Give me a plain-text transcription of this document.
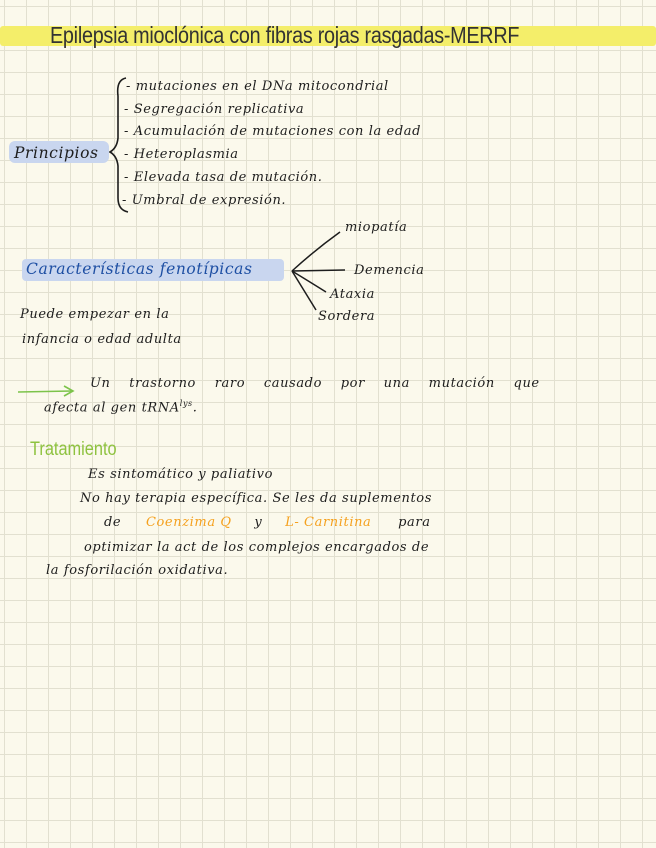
Epilepsia mioclónica con fibras rojas rasgadas-MERRF
Principios
- mutaciones en el DNa mitocondrial
- Segregación replicativa
- Acumulación de mutaciones con la edad
- Heteroplasmia
- Elevada tasa de mutación.
- Umbral de expresión.
Características fenotípicas
miopatía
Demencia
Ataxia
Sordera
Puede empezar en la
infancia o edad adulta
Un trastorno raro causado por una mutación que
afecta al gen tRNA$^{lys}$.
Tratamiento
Es sintomático y paliativo
No hay terapia específica. Se les da suplementos
de Coenzima Q y L- Carnitina para
optimizar la act de los complejos encargados de
la fosforilación oxidativa.
